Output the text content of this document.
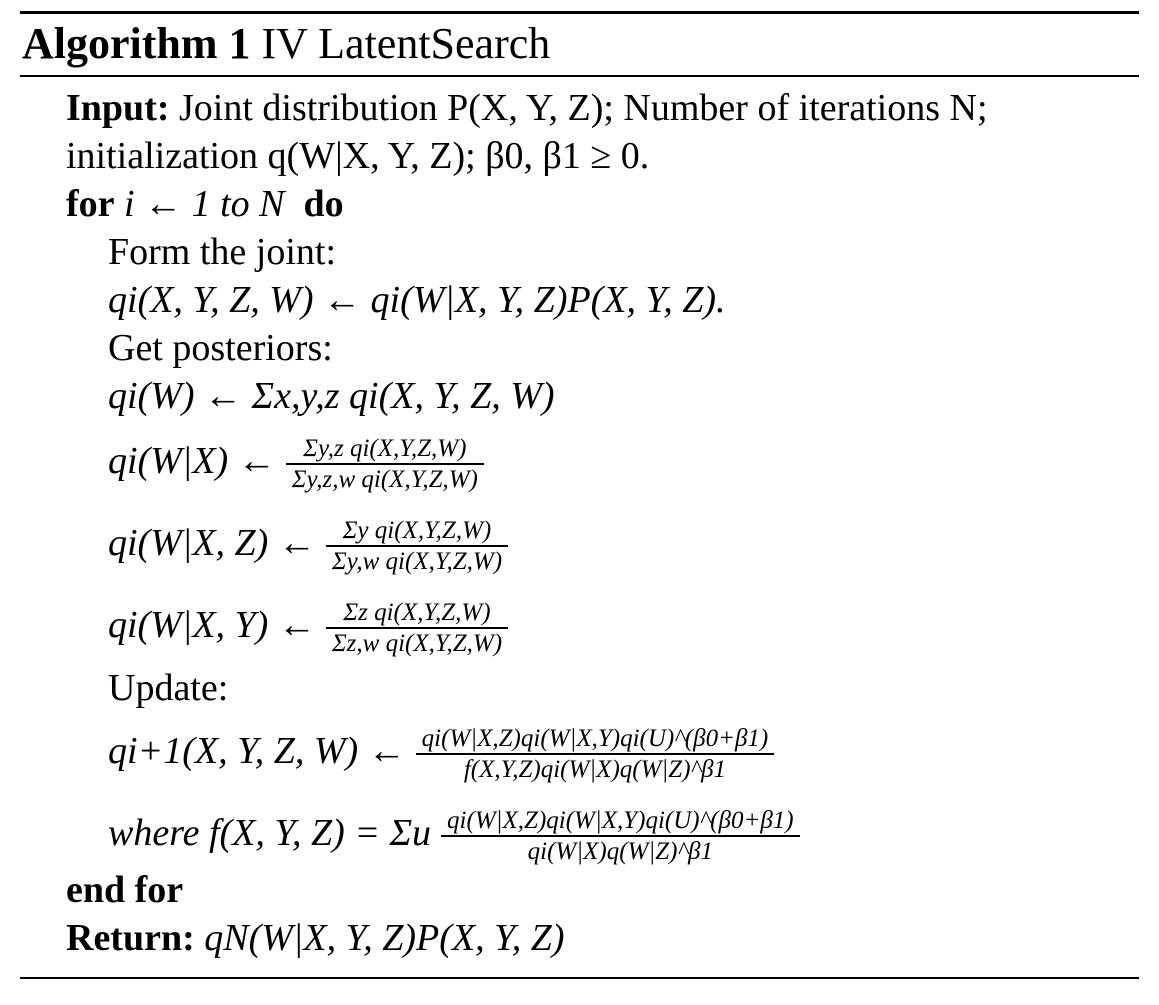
Algorithm 1 IV LatentSearch
Input: Joint distribution P(X, Y, Z); Number of iterations N;
initialization q(W|X, Y, Z); β0, β1 ≥ 0.
for i ← 1 to N do
Form the joint:
qi(X, Y, Z, W) ← qi(W|X, Y, Z)P(X, Y, Z).
Get posteriors:
qi(W) ← Σx,y,z qi(X, Y, Z, W)
qi(W|X) ← $\frac{\text{Σy,z qi(X,Y,Z,W)}}{\text{Σy,z,w qi(X,Y,Z,W)}}$
qi(W|X, Z) ← $\frac{\text{Σy qi(X,Y,Z,W)}}{\text{Σy,w qi(X,Y,Z,W)}}$
qi(W|X, Y) ← $\frac{\text{Σz qi(X,Y,Z,W)}}{\text{Σz,w qi(X,Y,Z,W)}}$
Update:
qi+1(X, Y, Z, W) ← $\frac{qi(W|X,Z)qi(W|X,Y)qi(U)\^{}(\beta 0+\beta 1)}{f(X,Y,Z)qi(W|X)q(W|Z)\^{}\beta 1}$
where f(X, Y, Z) = Σu $\frac{qi(W|X,Z)qi(W|X,Y)qi(U)\^{}(\beta 0+\beta 1)}{qi(W|X)q(W|Z)\^{}\beta 1}$
end for
Return: qN(W|X, Y, Z)P(X, Y, Z)
